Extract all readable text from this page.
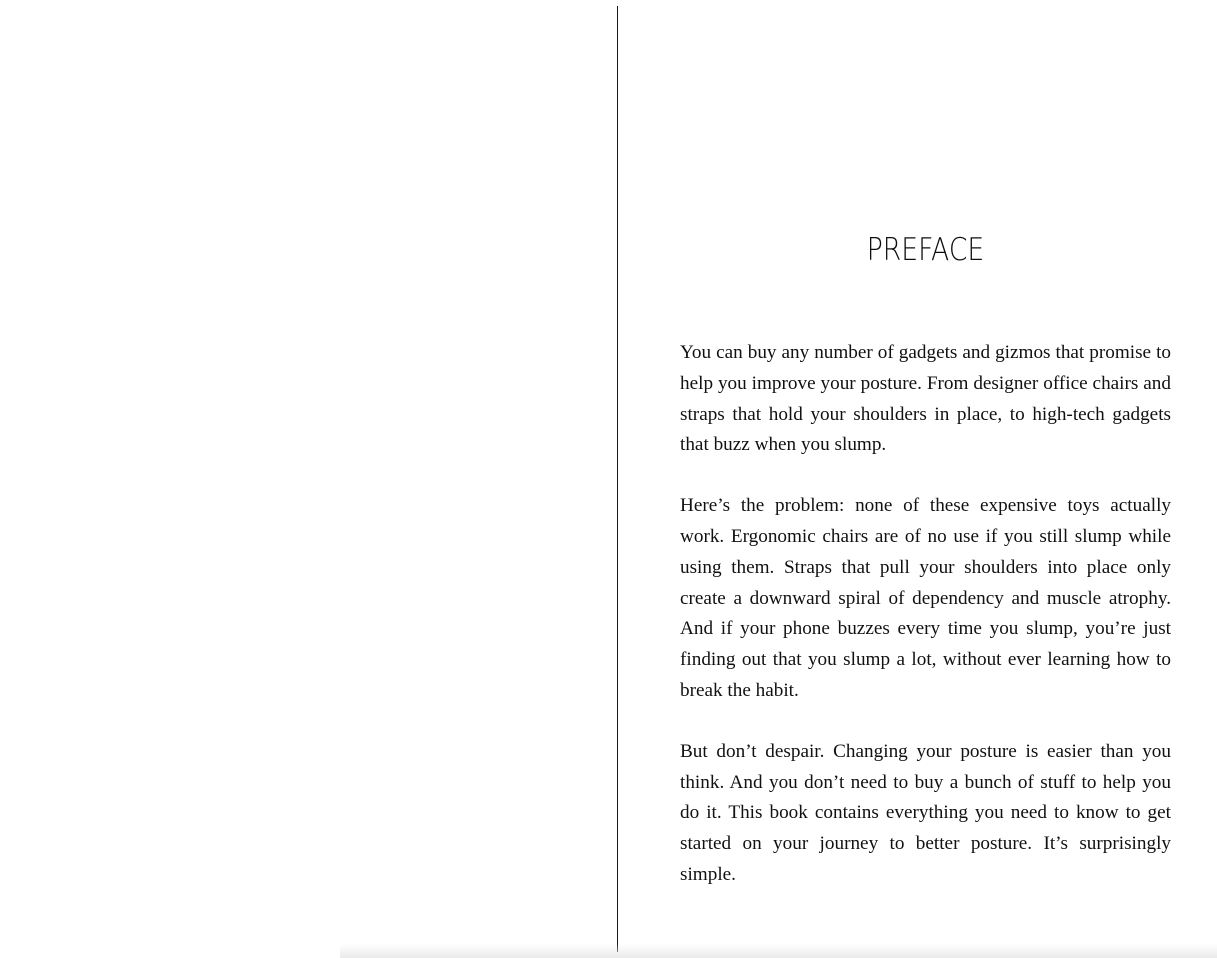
PREFACE

You can buy any number of gadgets and gizmos that promise to help you improve your posture. From designer office chairs and straps that hold your shoulders in place, to high-tech gadgets that buzz when you slump.

Here’s the problem: none of these expensive toys actually work. Ergonomic chairs are of no use if you still slump while using them. Straps that pull your shoulders into place only create a downward spiral of dependency and muscle atrophy. And if your phone buzzes every time you slump, you’re just finding out that you slump a lot, without ever learning how to break the habit.

But don’t despair. Changing your posture is easier than you think. And you don’t need to buy a bunch of stuff to help you do it. This book contains everything you need to know to get started on your journey to better posture. It’s surprisingly simple.
